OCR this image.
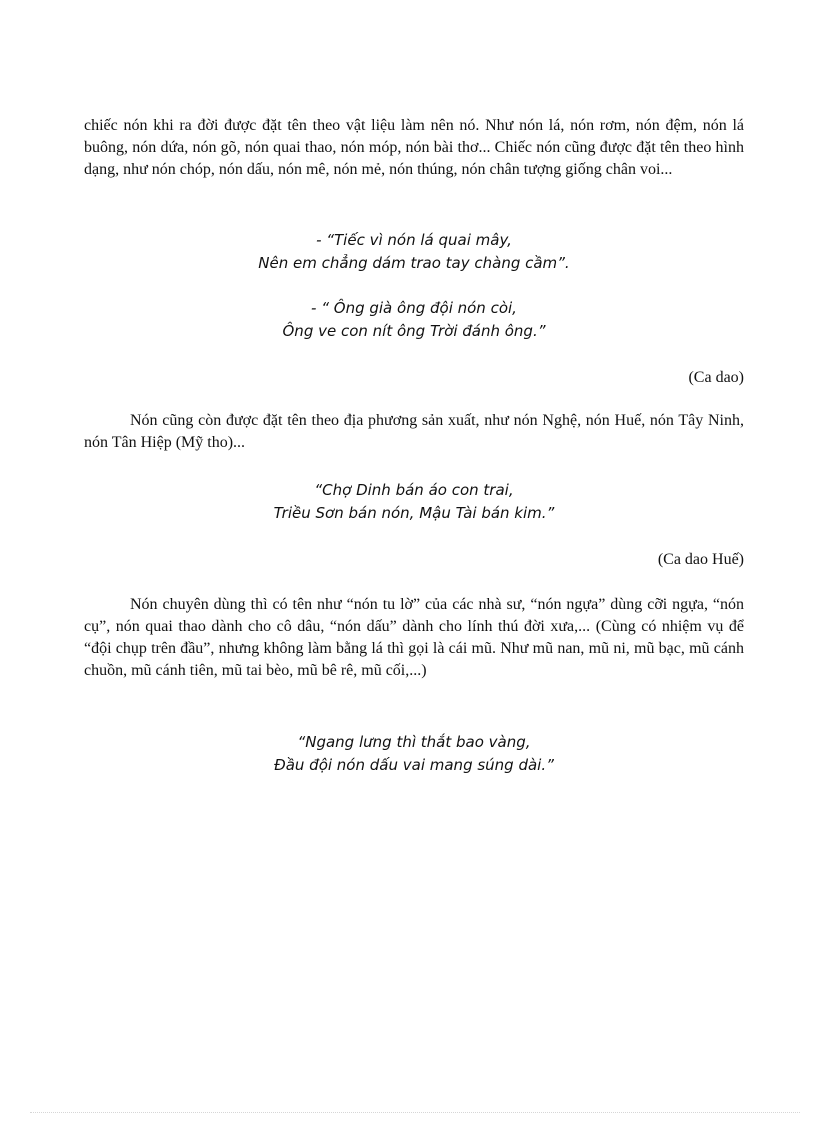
chiếc nón khi ra đời được đặt tên theo vật liệu làm nên nó. Như nón lá, nón rơm, nón đệm, nón lá buông, nón dứa, nón gõ, nón quai thao, nón móp, nón bài thơ... Chiếc nón cũng được đặt tên theo hình dạng, như nón chóp, nón dấu, nón mê, nón mẻ, nón thúng, nón chân tượng giống chân voi...

- “Tiếc vì nón lá quai mây,
Nên em chẳng dám trao tay chàng cầm”.
- “ Ông già ông đội nón còi,
Ông ve con nít ông Trời đánh ông.”
(Ca dao)

Nón cũng còn được đặt tên theo địa phương sản xuất, như nón Nghệ, nón Huế, nón Tây Ninh, nón Tân Hiệp (Mỹ tho)...

“Chợ Dinh bán áo con trai,
Triều Sơn bán nón, Mậu Tài bán kim.”
(Ca dao Huế)

Nón chuyên dùng thì có tên như “nón tu lờ” của các nhà sư, “nón ngựa” dùng cỡi ngựa, “nón cụ”, nón quai thao dành cho cô dâu, “nón dấu” dành cho lính thú đời xưa,... (Cùng có nhiệm vụ để “đội chụp trên đầu”, nhưng không làm bằng lá thì gọi là cái mũ. Như mũ nan, mũ ni, mũ bạc, mũ cánh chuồn, mũ cánh tiên, mũ tai bèo, mũ bê rê, mũ cối,...)

“Ngang lưng thì thắt bao vàng,
Đầu đội nón dấu vai mang súng dài.”
